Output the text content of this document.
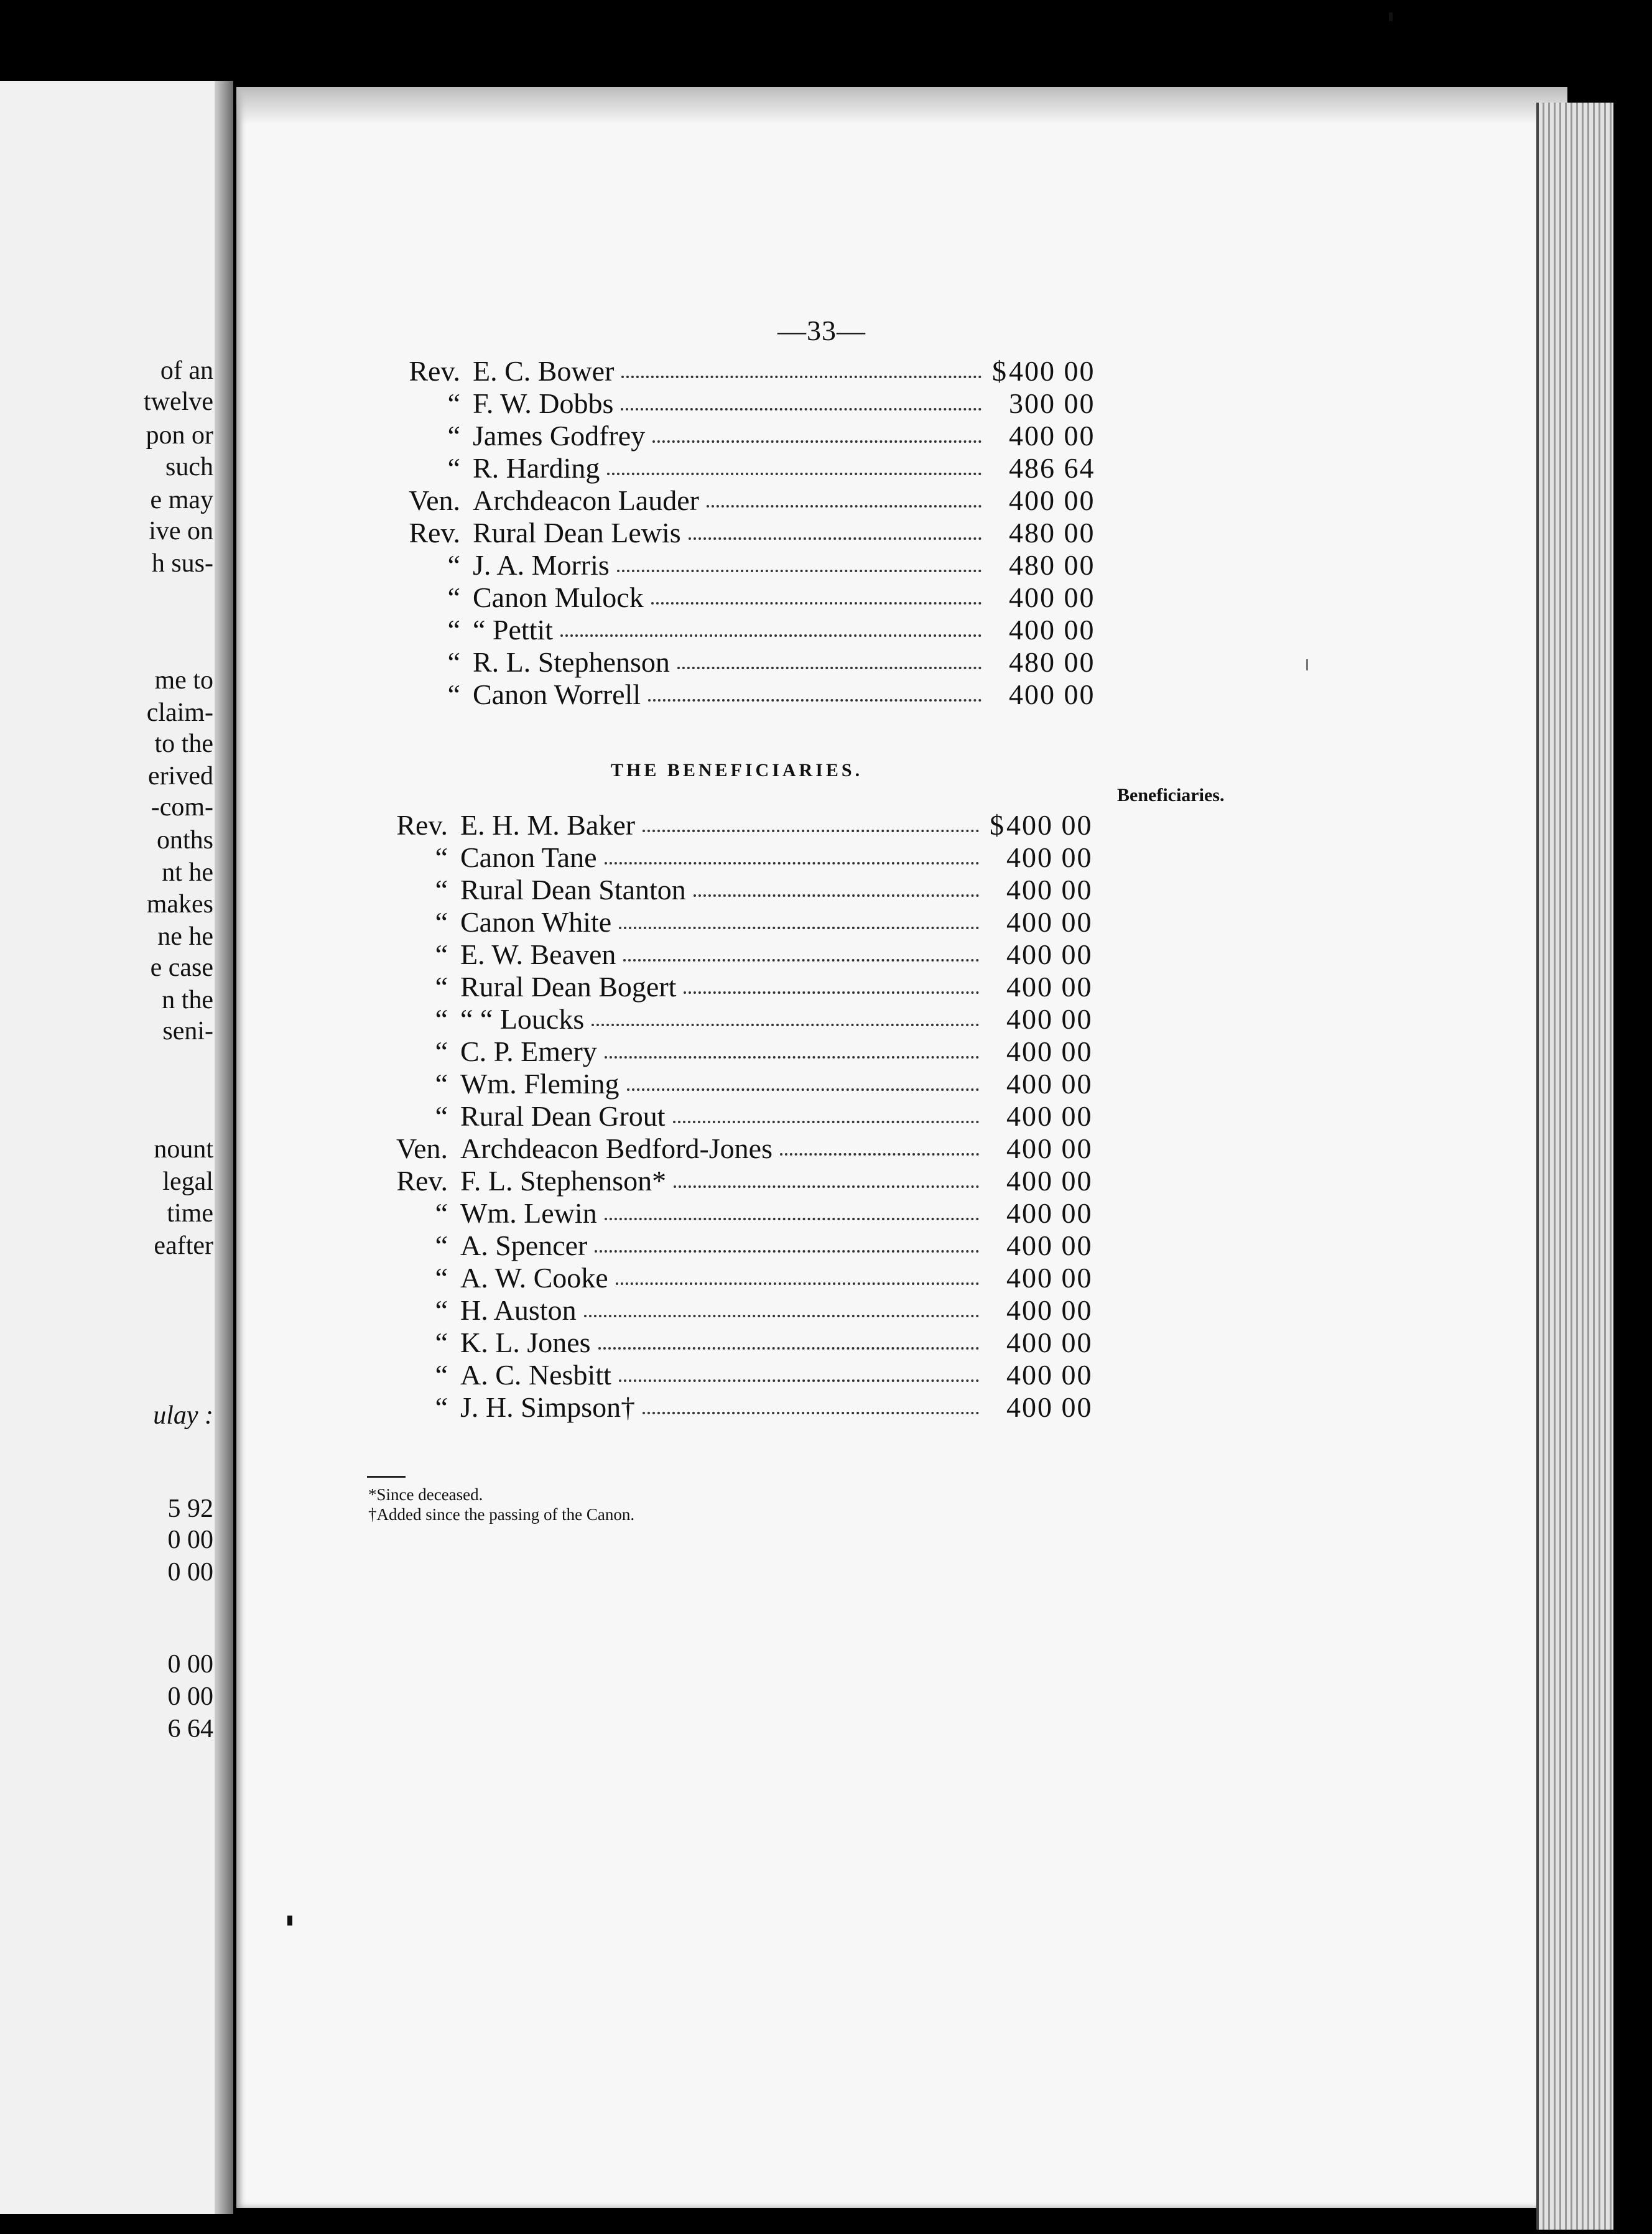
of an
twelve
pon or
such
e may
ive on
h sus-
me to
claim-
to the
erived
-com-
onths
nt he
makes
ne he
e case
n the
seni-
nount
legal
time
eafter
ulay :
5 92
0 00
0 00
0 00
0 00
6 64
—33—
Rev. E. C. Bower	$ 400 00
“ F. W. Dobbs	300 00
“ James Godfrey	400 00
“ R. Harding	486 64
Ven. Archdeacon Lauder	400 00
Rev. Rural Dean Lewis	480 00
“ J. A. Morris	480 00
“ Canon Mulock	400 00
“ “ Pettit	400 00
“ R. L. Stephenson	480 00
“ Canon Worrell	400 00
THE BENEFICIARIES.
Beneficiaries.
Rev. E. H. M. Baker	$ 400 00
“ Canon Tane	400 00
“ Rural Dean Stanton	400 00
“ Canon White	400 00
“ E. W. Beaven	400 00
“ Rural Dean Bogert	400 00
“ “ “ Loucks	400 00
“ C. P. Emery	400 00
“ Wm. Fleming	400 00
“ Rural Dean Grout	400 00
Ven. Archdeacon Bedford-Jones	400 00
Rev. F. L. Stephenson*	400 00
“ Wm. Lewin	400 00
“ A. Spencer	400 00
“ A. W. Cooke	400 00
“ H. Auston	400 00
“ K. L. Jones	400 00
“ A. C. Nesbitt	400 00
“ J. H. Simpson†	400 00
*Since deceased.
†Added since the passing of the Canon.
